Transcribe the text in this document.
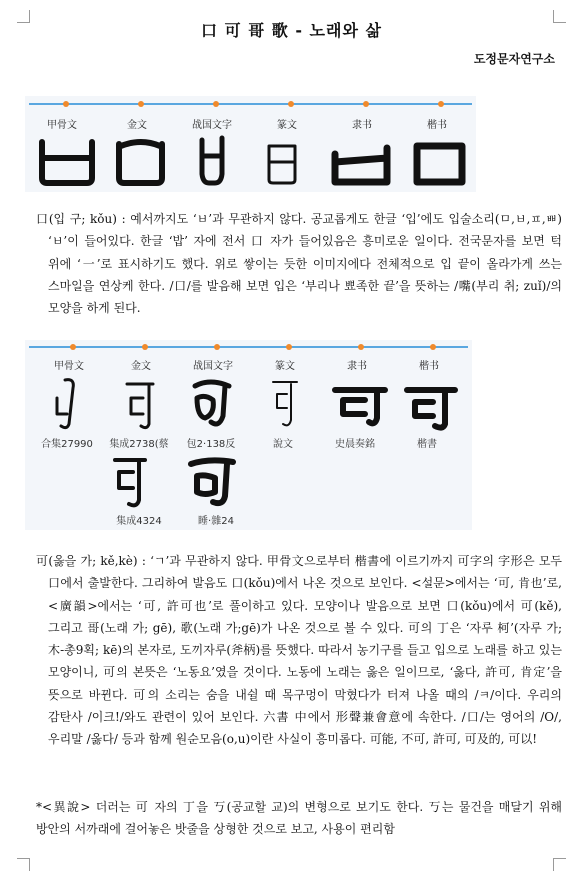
口 可 哥 歌 - 노래와 삶
도정문자연구소
甲骨文	金文	战国文字	篆文	隶书	楷书
口(입 구; kǒu) : 예서까지도 ‘ㅂ’과 무관하지 않다. 공교롭게도 한글 ‘입’에도 입술소리(ㅁ,ㅂ,ㅍ,ㅃ) ‘ㅂ’이 들어있다. 한글 ‘밥’ 자에 전서 口 자가 들어있음은 흥미로운 일이다. 전국문자를 보면 턱 위에 ‘一’로 표시하기도 했다. 위로 쌓이는 듯한 이미지에다 전체적으로 입 끝이 올라가게 쓰는 스마일을 연상케 한다. /口/를 발음해 보면 입은 ‘부리나 뾰족한 끝’을 뜻하는 /嘴(부리 취; zuǐ)/의 모양을 하게 된다.
甲骨文	金文	战国文字	篆文	隶书	楷书
合集27990	集成2738(蔡	包2·138反	說文	史晨奏銘	楷書
集成4324	睡·雜24
可(옳을 가; kě,kè) : ‘ㄱ’과 무관하지 않다. 甲骨文으로부터 楷書에 이르기까지 可字의 字形은 모두 口에서 출발한다. 그리하여 발음도 口(kǒu)에서 나온 것으로 보인다. <설문>에서는 ‘可, 肯也’로, <廣韻>에서는 ‘可, 許可也’로 풀이하고 있다. 모양이나 발음으로 보면 口(kǒu)에서 可(kě), 그리고 哥(노래 가; gē), 歌(노래 가;gē)가 나온 것으로 볼 수 있다. 可의 丁은 ‘자루 柯’(자루 가; 木-총9획; kē)의 본자로, 도끼자루(斧柄)를 뜻했다. 따라서 농기구를 들고 입으로 노래를 하고 있는 모양이니, 可의 본뜻은 ‘노동요’였을 것이다. 노동에 노래는 옳은 일이므로, ‘옳다, 許可, 肯定’을 뜻으로 바뀐다. 可의 소리는 숨을 내쉴 때 목구멍이 막혔다가 터져 나올 때의 /ㅋ/이다. 우리의 감탄사 /이크!/와도 관련이 있어 보인다. 六書 中에서 形聲兼會意에 속한다. /口/는 영어의 /O/, 우리말 /옳다/ 등과 함께 원순모음(o,u)이란 사실이 흥미롭다. 可能, 不可, 許可, 可及的, 可以!
*<異說> 더러는 可 자의 丁을 丂(공교할 교)의 변형으로 보기도 한다. 丂는 물건을 매달기 위해 방안의 서까래에 걸어놓은 밧줄을 상형한 것으로 보고, 사용이 편리함
